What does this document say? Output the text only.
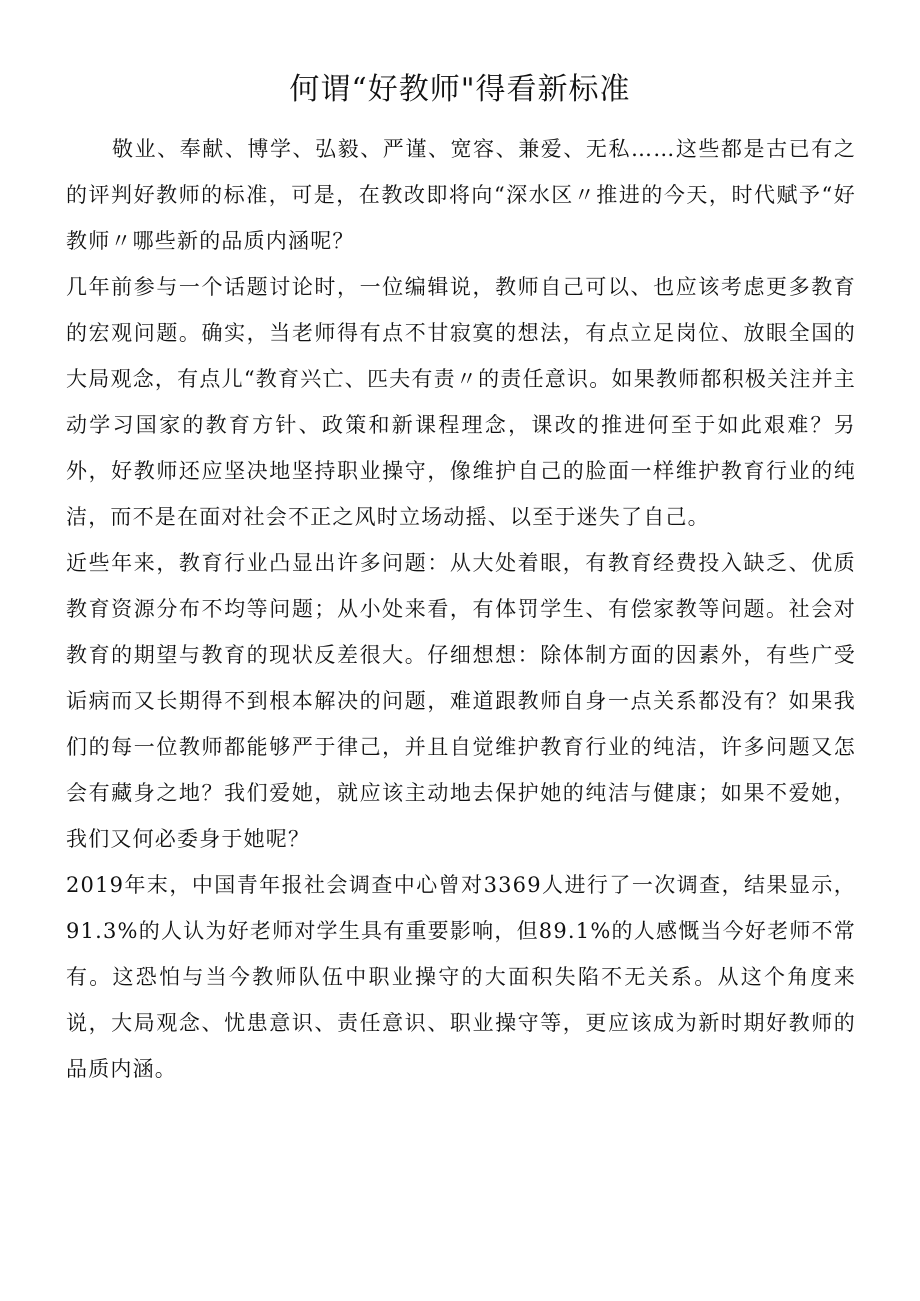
何谓“好教师"得看新标准

敬业、奉献、博学、弘毅、严谨、宽容、兼爱、无私……这些都是古已有之的评判好教师的标准，可是，在教改即将向“深水区〃推进的今天，时代赋予“好教师〃哪些新的品质内涵呢？

几年前参与一个话题讨论时，一位编辑说，教师自己可以、也应该考虑更多教育的宏观问题。确实，当老师得有点不甘寂寞的想法，有点立足岗位、放眼全国的大局观念，有点儿“教育兴亡、匹夫有责〃的责任意识。如果教师都积极关注并主动学习国家的教育方针、政策和新课程理念，课改的推进何至于如此艰难？另外，好教师还应坚决地坚持职业操守，像维护自己的脸面一样维护教育行业的纯洁，而不是在面对社会不正之风时立场动摇、以至于迷失了自己。

近些年来，教育行业凸显出许多问题：从大处着眼，有教育经费投入缺乏、优质教育资源分布不均等问题；从小处来看，有体罚学生、有偿家教等问题。社会对教育的期望与教育的现状反差很大。仔细想想：除体制方面的因素外，有些广受诟病而又长期得不到根本解决的问题，难道跟教师自身一点关系都没有？如果我们的每一位教师都能够严于律己，并且自觉维护教育行业的纯洁，许多问题又怎会有藏身之地？我们爱她，就应该主动地去保护她的纯洁与健康；如果不爱她，我们又何必委身于她呢？

2019年末，中国青年报社会调查中心曾对3369人进行了一次调查，结果显示，91.3%的人认为好老师对学生具有重要影响，但89.1%的人感慨当今好老师不常有。这恐怕与当今教师队伍中职业操守的大面积失陷不无关系。从这个角度来说，大局观念、忧患意识、责任意识、职业操守等，更应该成为新时期好教师的品质内涵。
